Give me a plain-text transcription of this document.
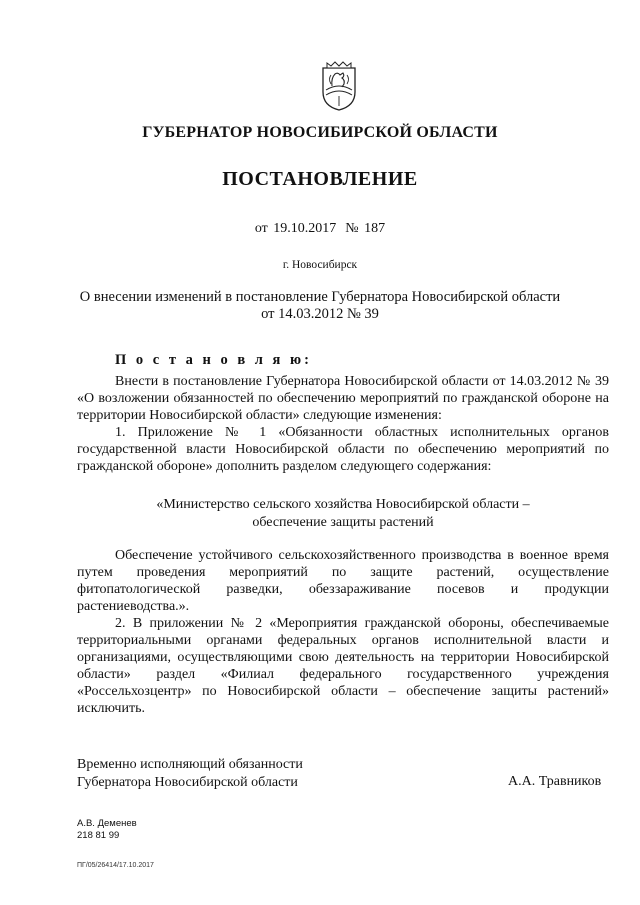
ГУБЕРНАТОР НОВОСИБИРСКОЙ ОБЛАСТИ
ПОСТАНОВЛЕНИЕ
от 19.10.2017 № 187
г. Новосибирск
О внесении изменений в постановление Губернатора Новосибирской области
от 14.03.2012 № 39
П о с т а н о в л я ю:

Внести в постановление Губернатора Новосибирской области от 14.03.2012 № 39 «О возложении обязанностей по обеспечению мероприятий по гражданской обороне на территории Новосибирской области» следующие изменения:

1. Приложение № 1 «Обязанности областных исполнительных органов государственной власти Новосибирской области по обеспечению мероприятий по гражданской обороне» дополнить разделом следующего содержания:

«Министерство сельского хозяйства Новосибирской области –
обеспечение защиты растений

Обеспечение устойчивого сельскохозяйственного производства в военное время путем проведения мероприятий по защите растений, осуществление фитопатологической разведки, обеззараживание посевов и продукции растениеводства.».

2. В приложении № 2 «Мероприятия гражданской обороны, обеспечиваемые территориальными органами федеральных органов исполнительной власти и организациями, осуществляющими свою деятельность на территории Новосибирской области» раздел «Филиал федерального государственного учреждения «Россельхозцентр» по Новосибирской области – обеспечение защиты растений» исключить.

Временно исполняющий обязанности
Губернатора Новосибирской области	А.А. Травников
А.В. Деменев
218 81 99
ПГ/05/26414/17.10.2017
